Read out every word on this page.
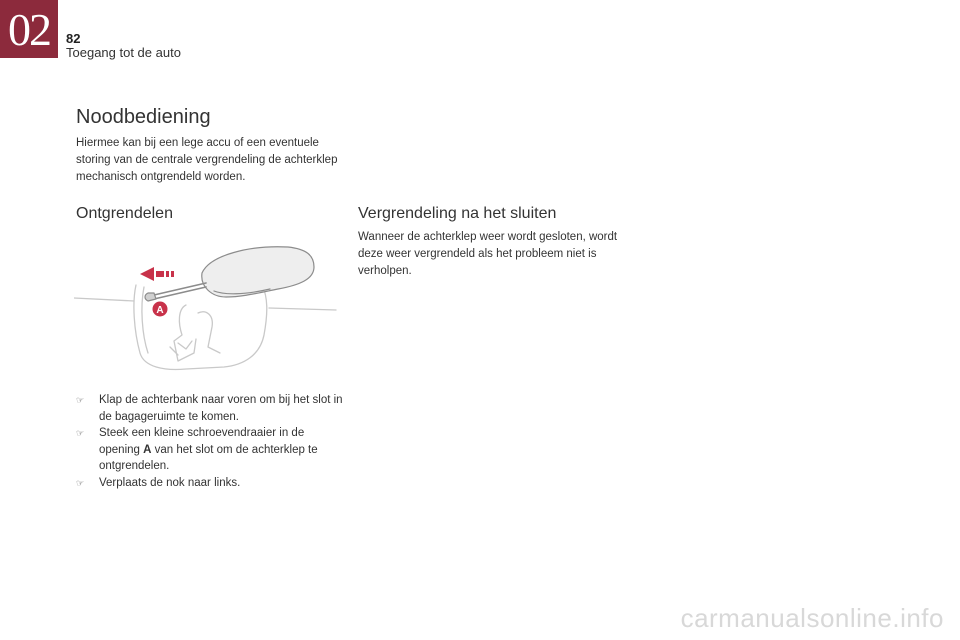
02 82
Toegang tot de auto
Noodbediening

Hiermee kan bij een lege accu of een eventuele storing van de centrale vergrendeling de achterklep mechanisch ontgrendeld worden.

Ontgrendelen	Vergrendeling na het sluiten

Wanneer de achterklep weer wordt gesloten, wordt deze weer vergrendeld als het probleem niet is verholpen.

A
☞ Klap de achterbank naar voren om bij het slot in de bagageruimte te komen.
☞ Steek een kleine schroevendraaier in de opening A van het slot om de achterklep te ontgrendelen.
☞ Verplaats de nok naar links.
carmanualsonline.info
